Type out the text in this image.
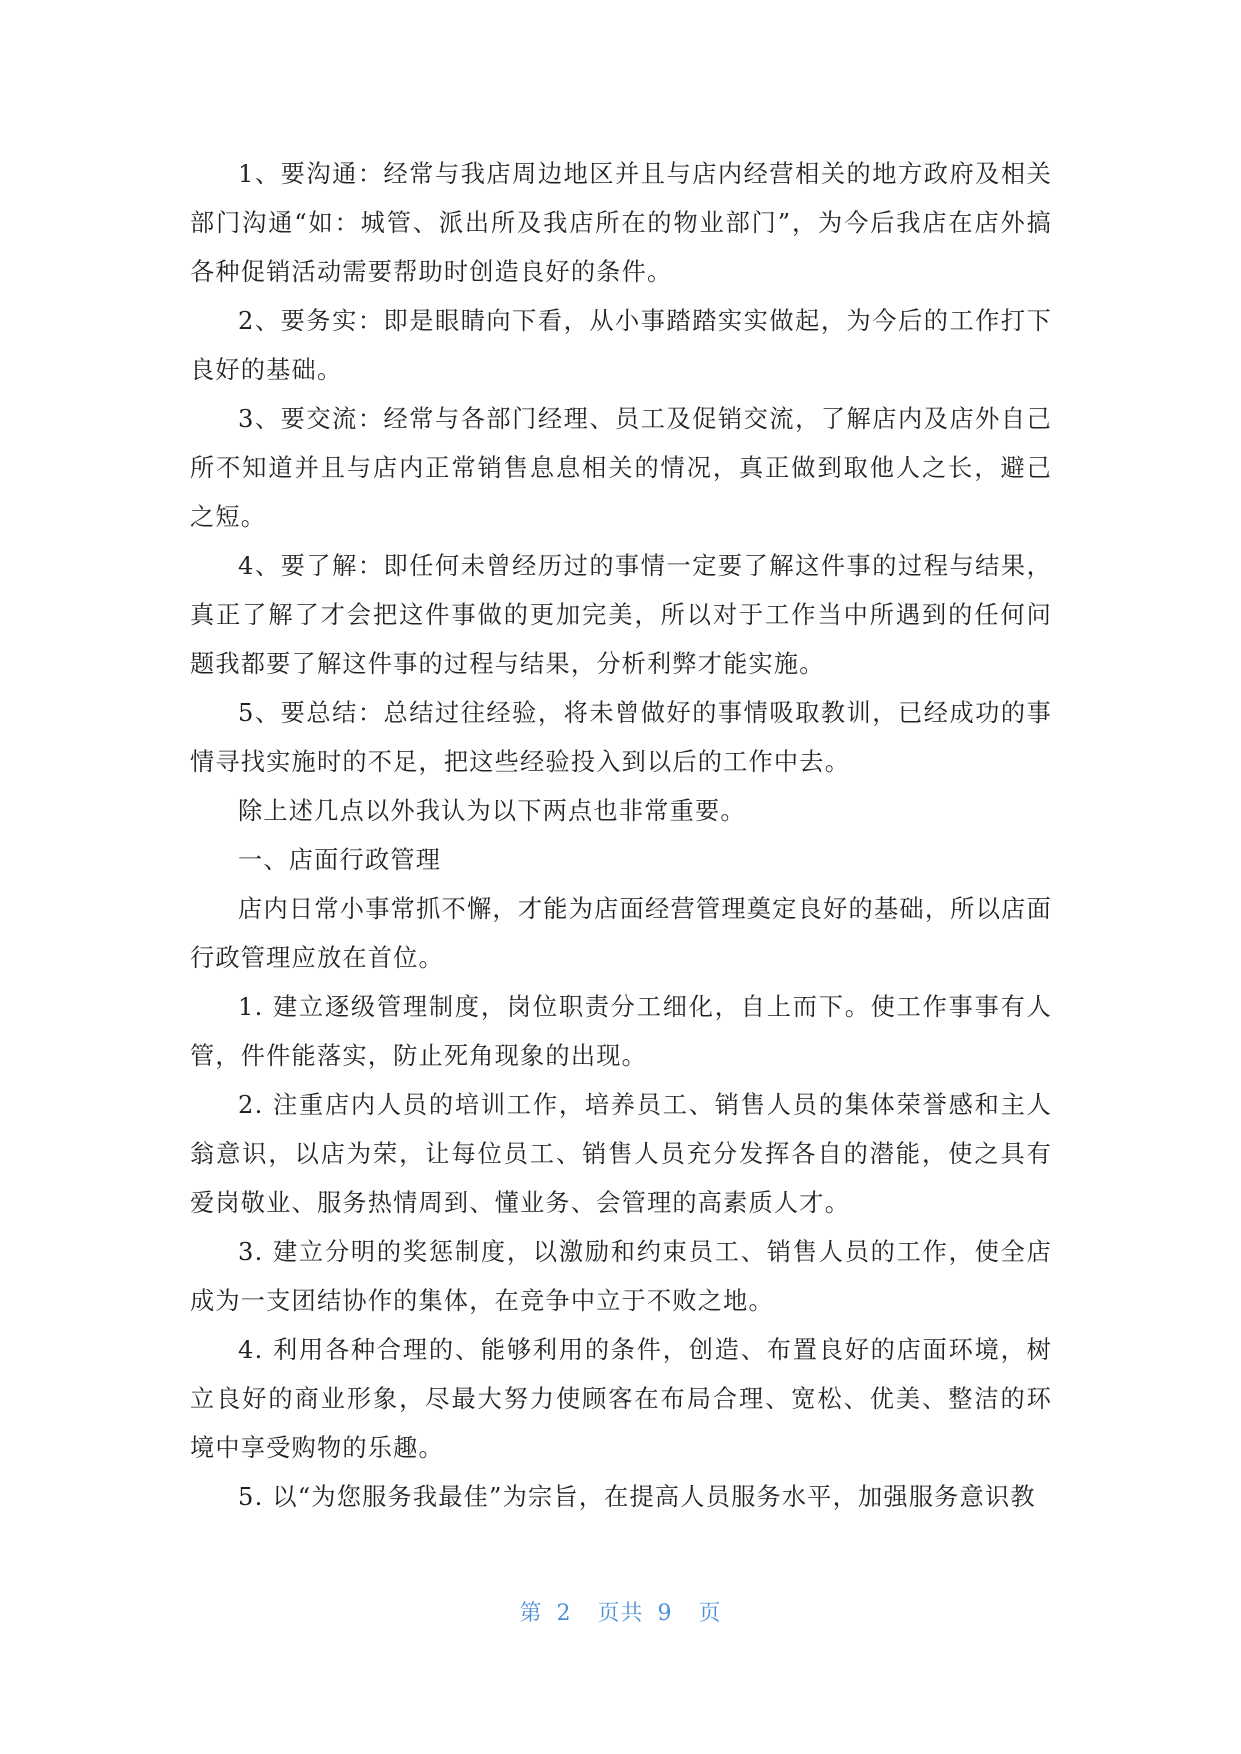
1、要沟通：经常与我店周边地区并且与店内经营相关的地方政府及相关部门沟通“如：城管、派出所及我店所在的物业部门”，为今后我店在店外搞各种促销活动需要帮助时创造良好的条件。

2、要务实：即是眼睛向下看，从小事踏踏实实做起，为今后的工作打下良好的基础。

3、要交流：经常与各部门经理、员工及促销交流，了解店内及店外自己所不知道并且与店内正常销售息息相关的情况，真正做到取他人之长，避己之短。

4、要了解：即任何未曾经历过的事情一定要了解这件事的过程与结果，真正了解了才会把这件事做的更加完美，所以对于工作当中所遇到的任何问题我都要了解这件事的过程与结果，分析利弊才能实施。

5、要总结：总结过往经验，将未曾做好的事情吸取教训，已经成功的事情寻找实施时的不足，把这些经验投入到以后的工作中去。

除上述几点以外我认为以下两点也非常重要。

一、店面行政管理

店内日常小事常抓不懈，才能为店面经营管理奠定良好的基础，所以店面行政管理应放在首位。

1. 建立逐级管理制度，岗位职责分工细化，自上而下。使工作事事有人管，件件能落实，防止死角现象的出现。

2. 注重店内人员的培训工作，培养员工、销售人员的集体荣誉感和主人翁意识，以店为荣，让每位员工、销售人员充分发挥各自的潜能，使之具有爱岗敬业、服务热情周到、懂业务、会管理的高素质人才。

3. 建立分明的奖惩制度，以激励和约束员工、销售人员的工作，使全店成为一支团结协作的集体，在竞争中立于不败之地。

4. 利用各种合理的、能够利用的条件，创造、布置良好的店面环境，树立良好的商业形象，尽最大努力使顾客在布局合理、宽松、优美、整洁的环境中享受购物的乐趣。

5. 以“为您服务我最佳”为宗旨，在提高人员服务水平，加强服务意识教

第 2 页共 9 页
